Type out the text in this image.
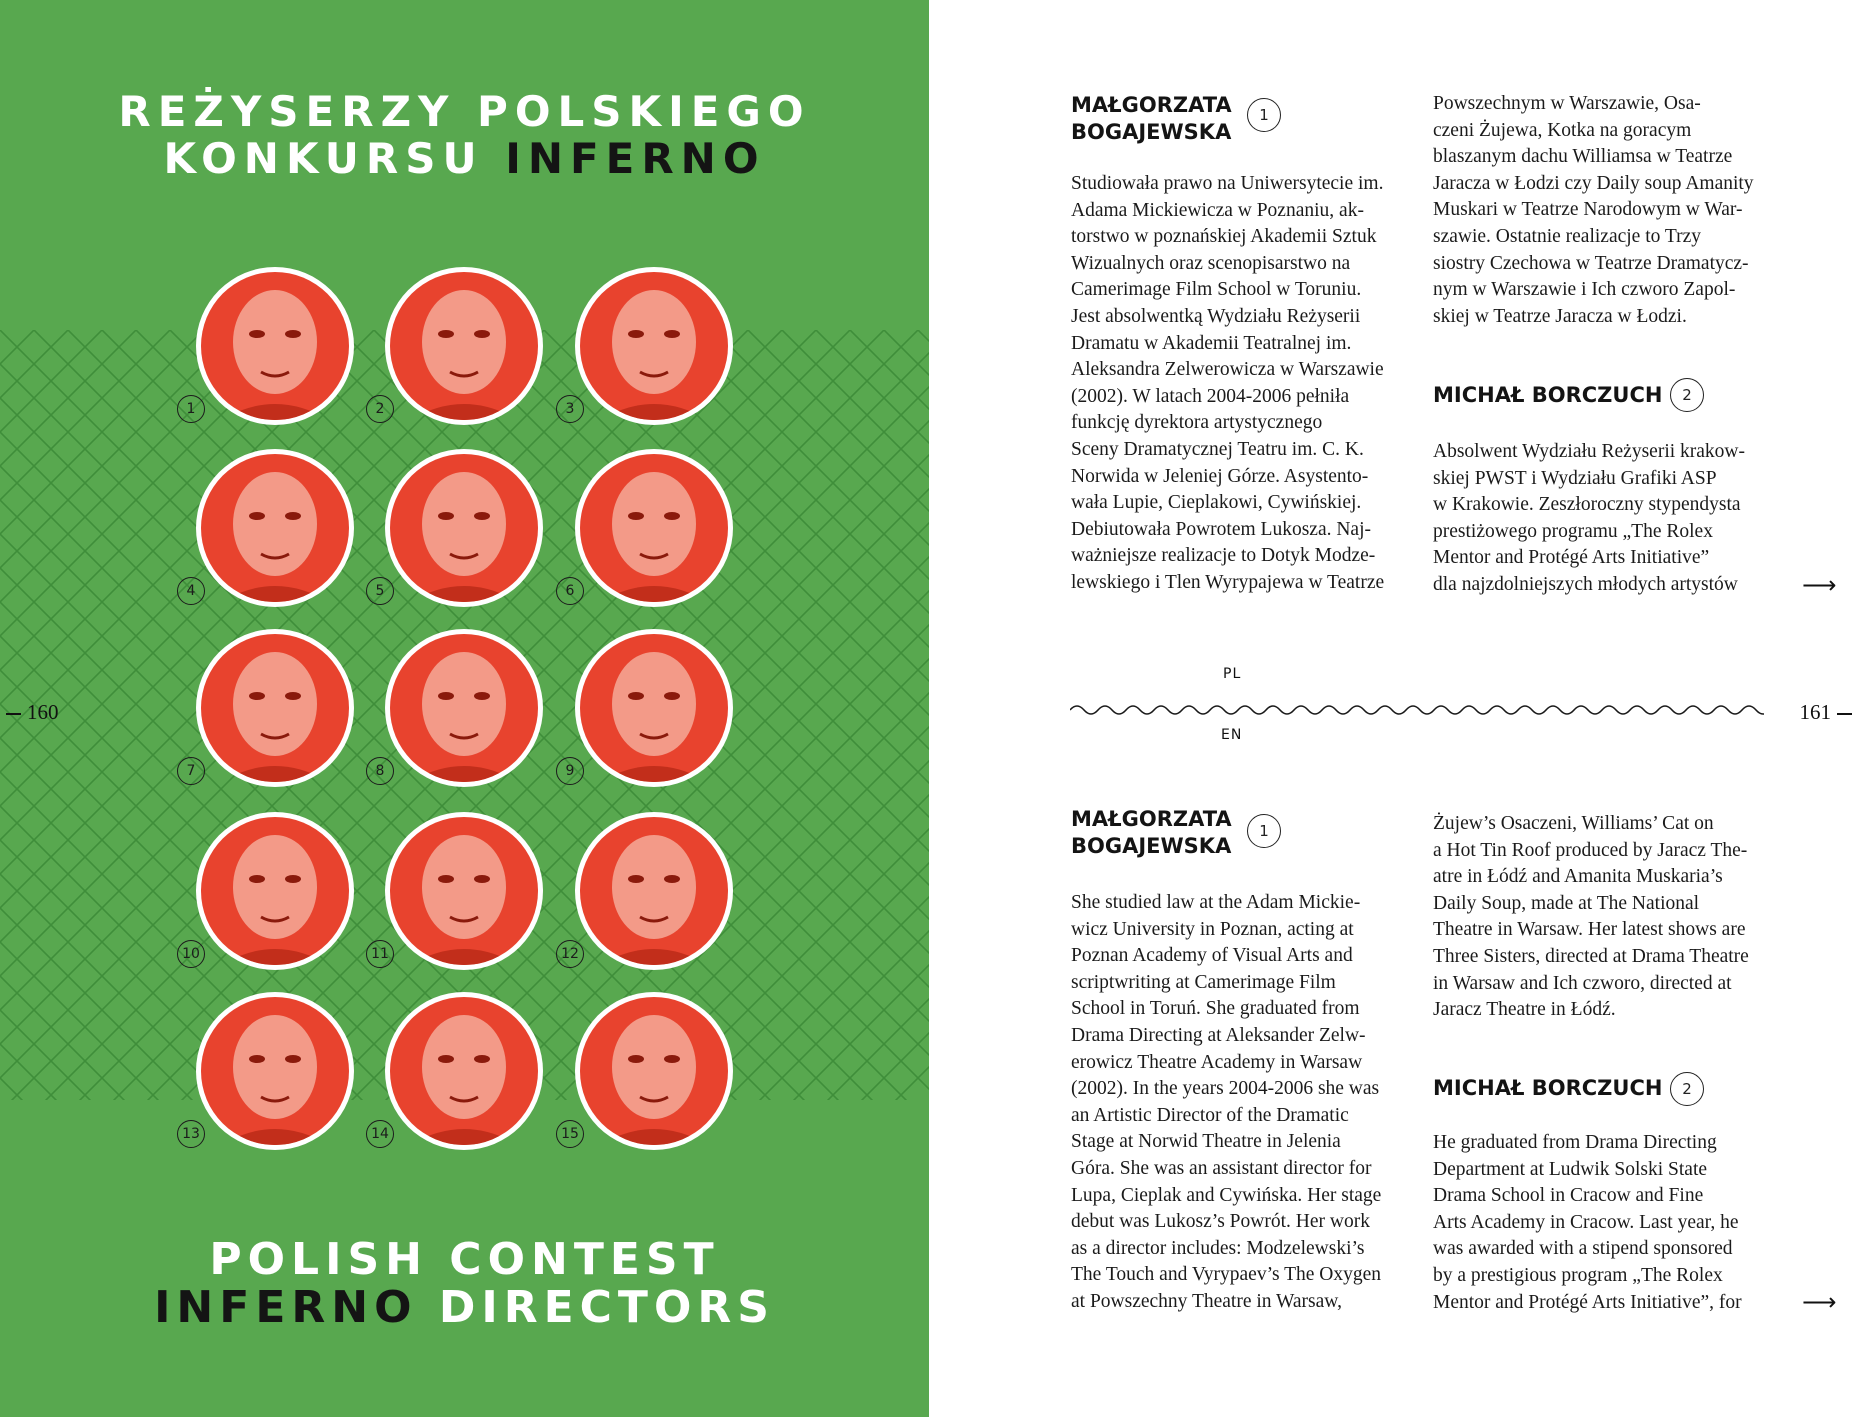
REŻYSERZY POLSKIEGO
KONKURSU INFERNO
1	2	3
4	5	6
7	8	9
10	11	12
13	14	15
POLISH CONTEST
INFERNO DIRECTORS
160
MAŁGORZATA
BOGAJEWSKA
1

Studiowała prawo na Uniwersytecie im.
Adama Mickiewicza w Poznaniu, ak-
torstwo w poznańskiej Akademii Sztuk
Wizualnych oraz scenopisarstwo na
Camerimage Film School w Toruniu.
Jest absolwentką Wydziału Reżyserii
Dramatu w Akademii Teatralnej im.
Aleksandra Zelwerowicza w Warszawie
(2002). W latach 2004-2006 pełniła
funkcję dyrektora artystycznego
Sceny Dramatycznej Teatru im. C. K.
Norwida w Jeleniej Górze. Asystento-
wała Lupie, Cieplakowi, Cywińskiej.
Debiutowała Powrotem Lukosza. Naj-
ważniejsze realizacje to Dotyk Modze-
lewskiego i Tlen Wyrypajewa w Teatrze

Powszechnym w Warszawie, Osa-
czeni Żujewa, Kotka na goracym
blaszanym dachu Williamsa w Teatrze
Jaracza w Łodzi czy Daily soup Amanity
Muskari w Teatrze Narodowym w War-
szawie. Ostatnie realizacje to Trzy
siostry Czechowa w Teatrze Dramatycz-
nym w Warszawie i Ich czworo Zapol-
skiej w Teatrze Jaracza w Łodzi.

MICHAŁ BORCZUCH	2

Absolwent Wydziału Reżyserii krakow-
skiej PWST i Wydziału Grafiki ASP
w Krakowie. Zeszłoroczny stypendysta
prestiżowego programu „The Rolex
Mentor and Protégé Arts Initiative”
dla najzdolniejszych młodych artystów	⟶
PL
EN
161
MAŁGORZATA
BOGAJEWSKA
1

She studied law at the Adam Mickie-
wicz University in Poznan, acting at
Poznan Academy of Visual Arts and
scriptwriting at Camerimage Film
School in Toruń. She graduated from
Drama Directing at Aleksander Zelw-
erowicz Theatre Academy in Warsaw
(2002). In the years 2004-2006 she was
an Artistic Director of the Dramatic
Stage at Norwid Theatre in Jelenia
Góra. She was an assistant director for
Lupa, Cieplak and Cywińska. Her stage
debut was Lukosz’s Powrót. Her work
as a director includes: Modzelewski’s
The Touch and Vyrypaev’s The Oxygen
at Powszechny Theatre in Warsaw,

Żujew’s Osaczeni, Williams’ Cat on
a Hot Tin Roof produced by Jaracz The-
atre in Łódź and Amanita Muskaria’s
Daily Soup, made at The National
Theatre in Warsaw. Her latest shows are
Three Sisters, directed at Drama Theatre
in Warsaw and Ich czworo, directed at
Jaracz Theatre in Łódź.

MICHAŁ BORCZUCH	2

He graduated from Drama Directing
Department at Ludwik Solski State
Drama School in Cracow and Fine
Arts Academy in Cracow. Last year, he
was awarded with a stipend sponsored
by a prestigious program „The Rolex
Mentor and Protégé Arts Initiative”, for	⟶
